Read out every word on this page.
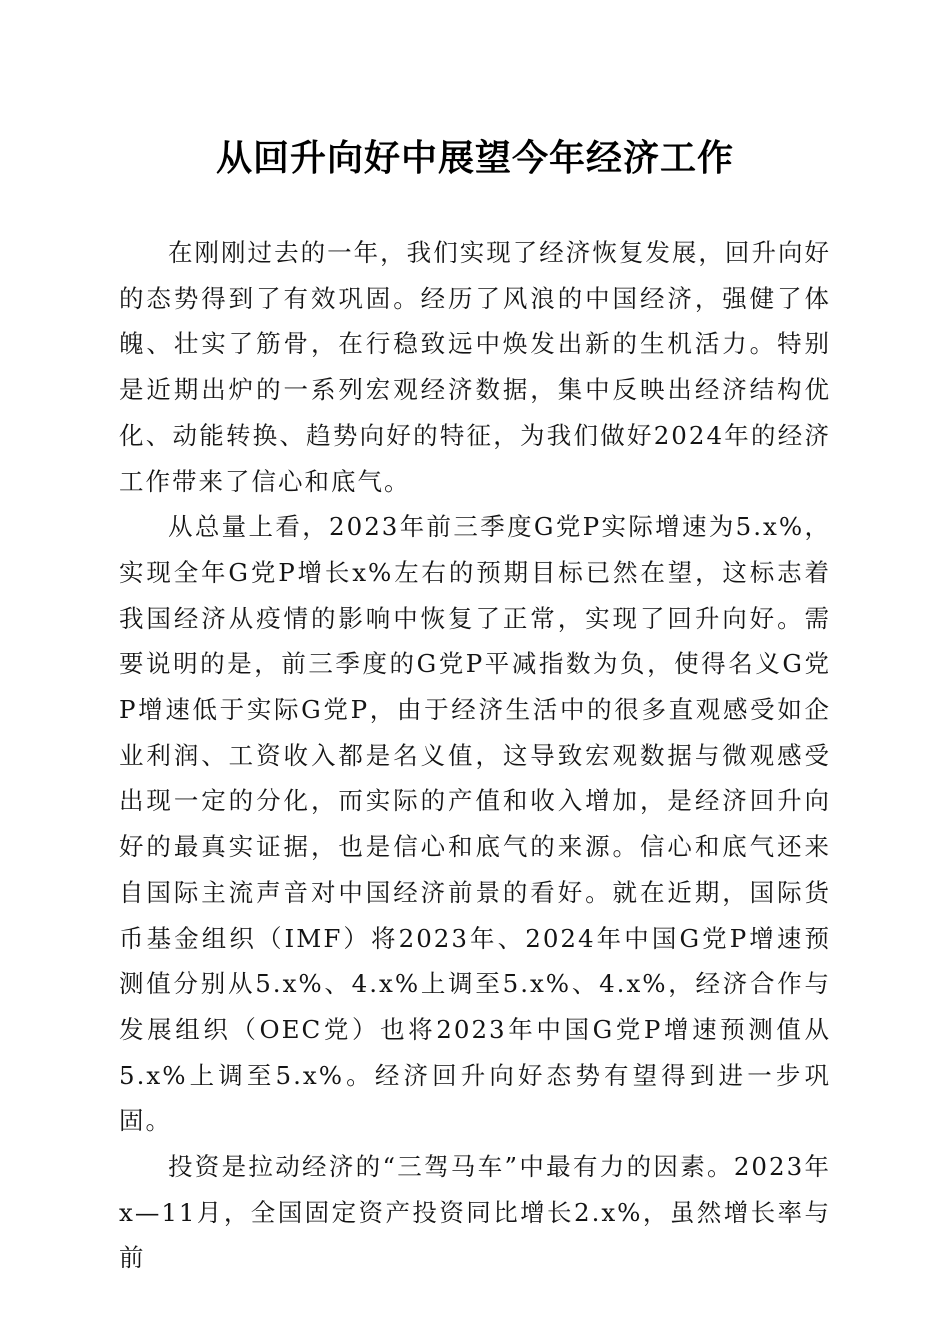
从回升向好中展望今年经济工作

在刚刚过去的一年，我们实现了经济恢复发展，回升向好的态势得到了有效巩固。经历了风浪的中国经济，强健了体魄、壮实了筋骨，在行稳致远中焕发出新的生机活力。特别是近期出炉的一系列宏观经济数据，集中反映出经济结构优化、动能转换、趋势向好的特征，为我们做好2024年的经济工作带来了信心和底气。

从总量上看，2023年前三季度G党P实际增速为5.x%，实现全年G党P增长x%左右的预期目标已然在望，这标志着我国经济从疫情的影响中恢复了正常，实现了回升向好。需要说明的是，前三季度的G党P平减指数为负，使得名义G党P增速低于实际G党P，由于经济生活中的很多直观感受如企业利润、工资收入都是名义值，这导致宏观数据与微观感受出现一定的分化，而实际的产值和收入增加，是经济回升向好的最真实证据，也是信心和底气的来源。信心和底气还来自国际主流声音对中国经济前景的看好。就在近期，国际货币基金组织（IMF）将2023年、2024年中国G党P增速预测值分别从5.x%、4.x%上调至5.x%、4.x%，经济合作与发展组织（OEC党）也将2023年中国G党P增速预测值从5.x%上调至5.x%。经济回升向好态势有望得到进一步巩固。

投资是拉动经济的“三驾马车”中最有力的因素。2023年x—11月，全国固定资产投资同比增长2.x%，虽然增长率与前
